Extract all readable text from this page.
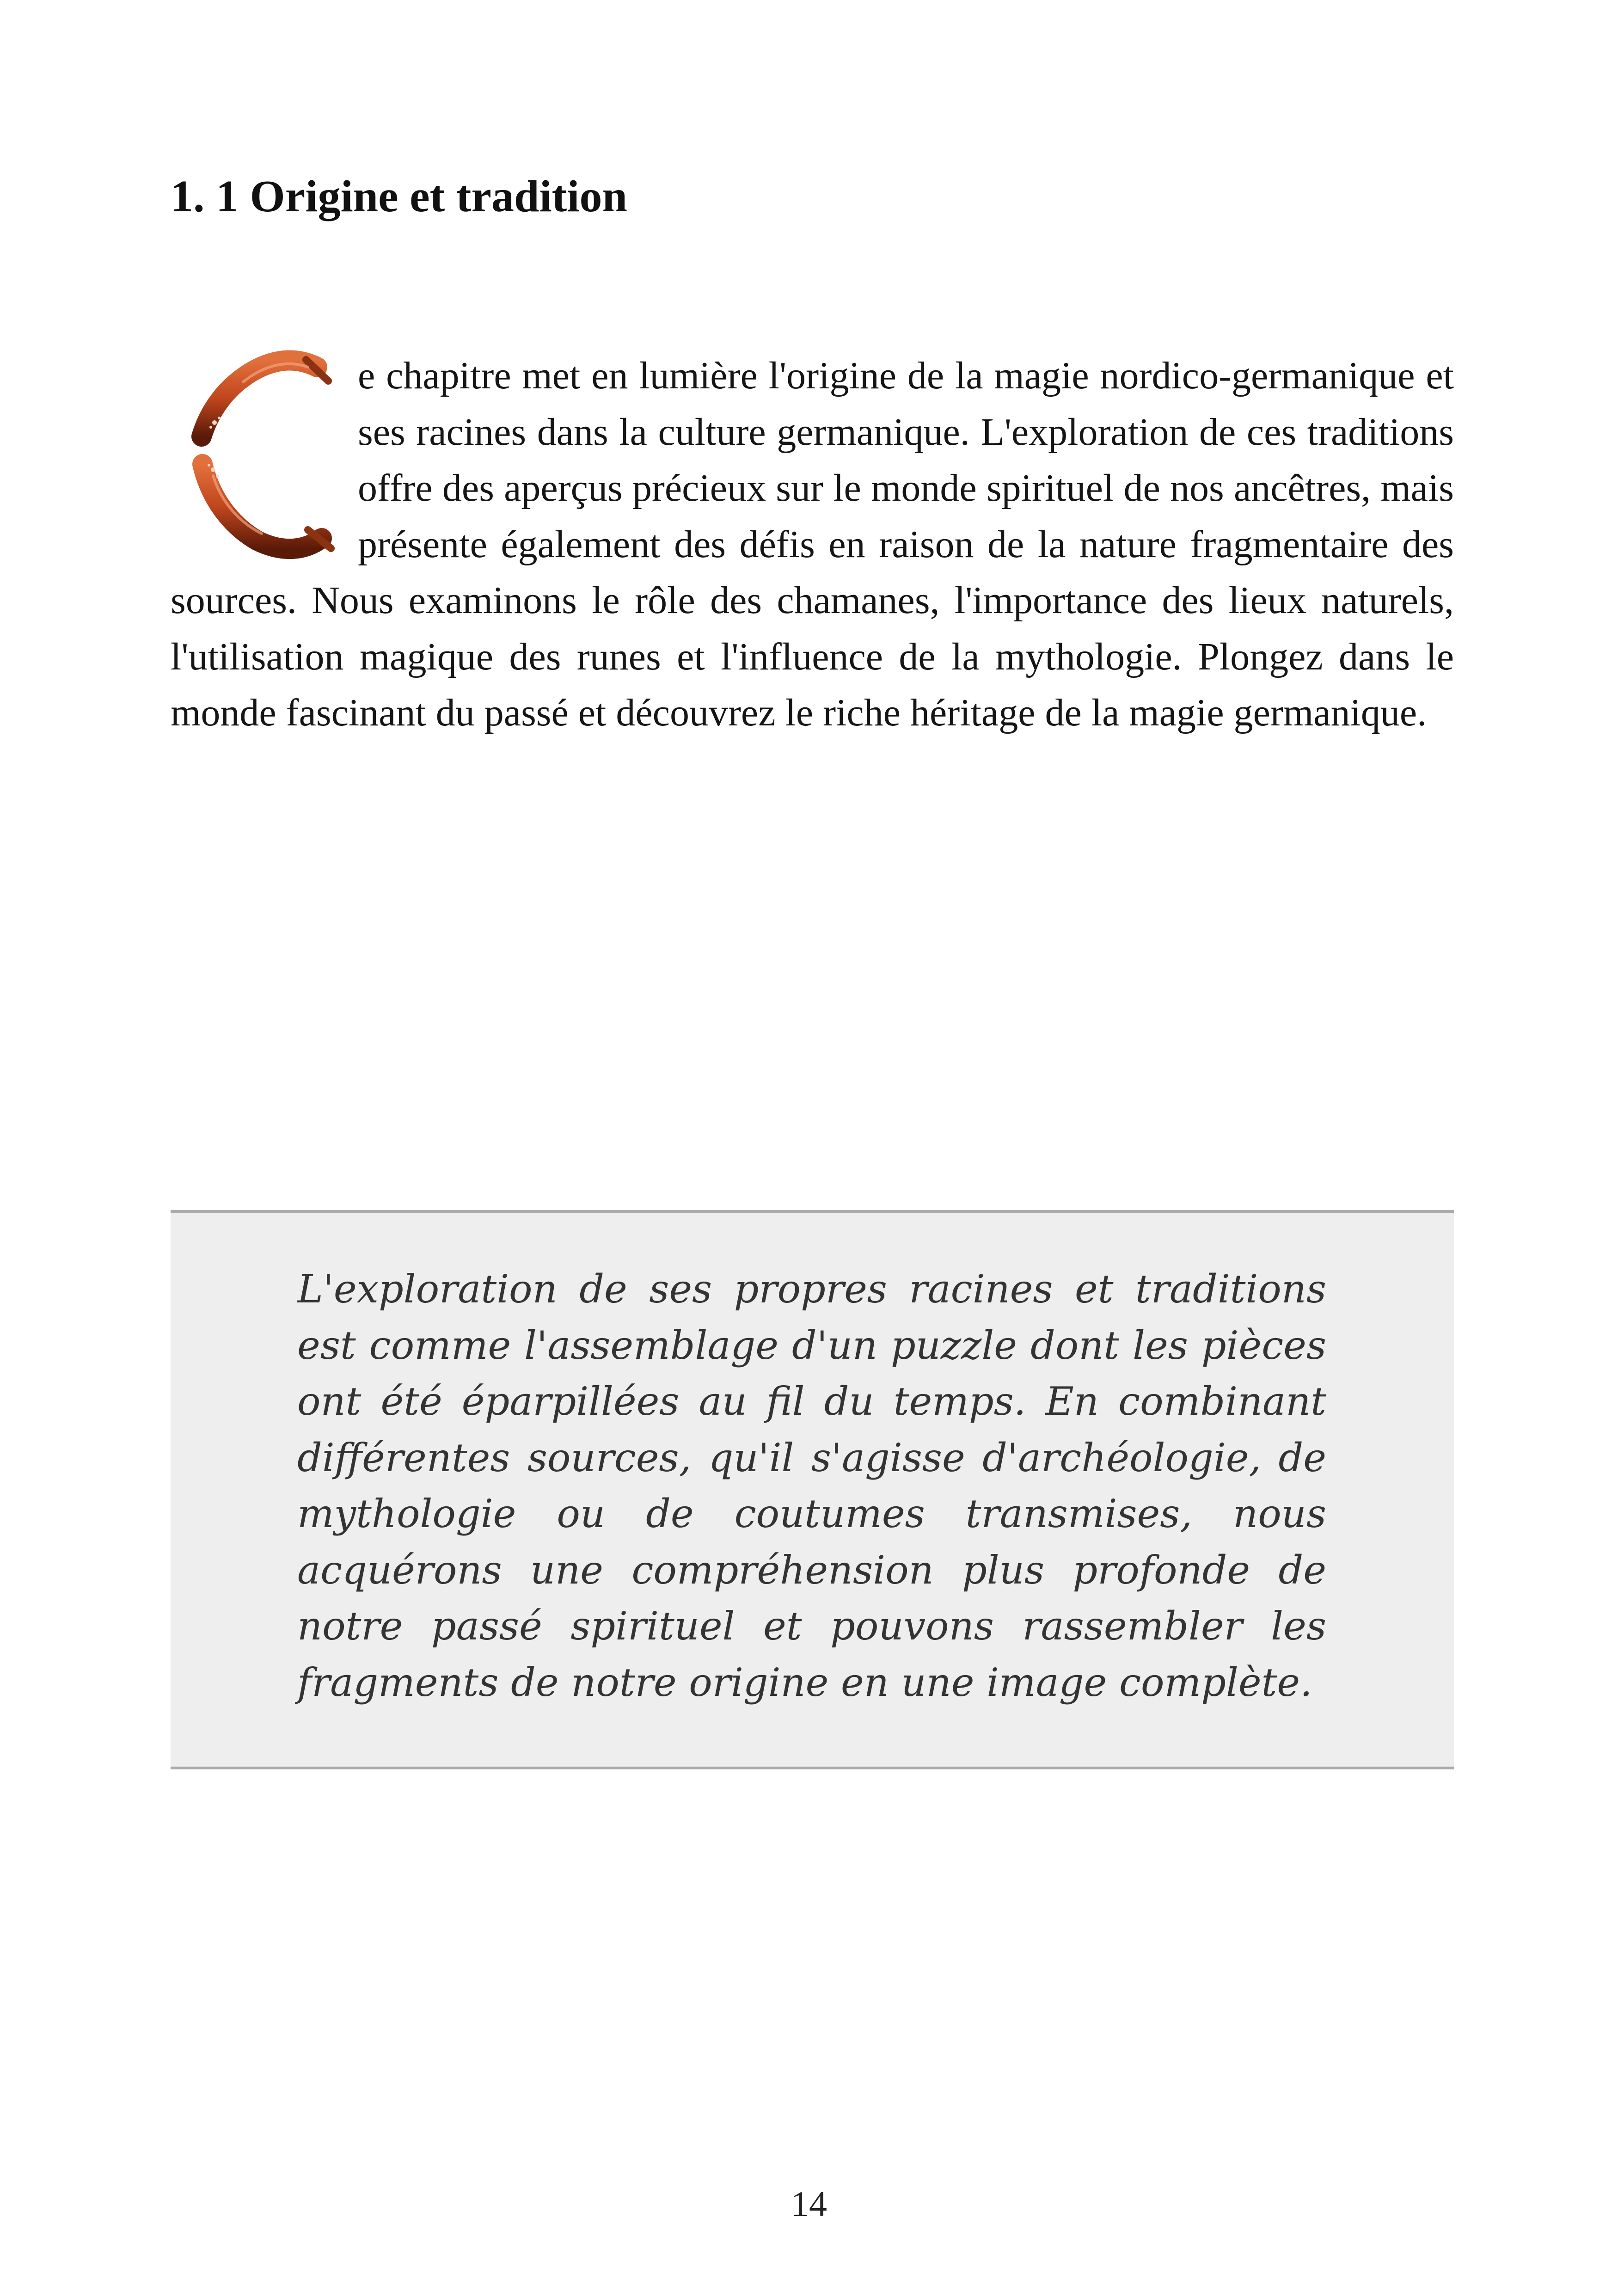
1. 1 Origine et tradition

e chapitre met en lumière l'origine de la magie nordico-germanique et ses racines dans la culture germanique. L'exploration de ces traditions offre des aperçus précieux sur le monde spirituel de nos ancêtres, mais présente également des défis en raison de la nature fragmentaire des sources. Nous examinons le rôle des chamanes, l'importance des lieux naturels, l'utilisation magique des runes et l'influence de la mythologie. Plongez dans le monde fascinant du passé et découvrez le riche héritage de la magie germanique.

L'exploration de ses propres racines et traditions est comme l'assemblage d'un puzzle dont les pièces ont été éparpillées au fil du temps. En combinant différentes sources, qu'il s'agisse d'archéologie, de mythologie ou de coutumes transmises, nous acquérons une compréhension plus profonde de notre passé spirituel et pouvons rassembler les fragments de notre origine en une image complète.

14
